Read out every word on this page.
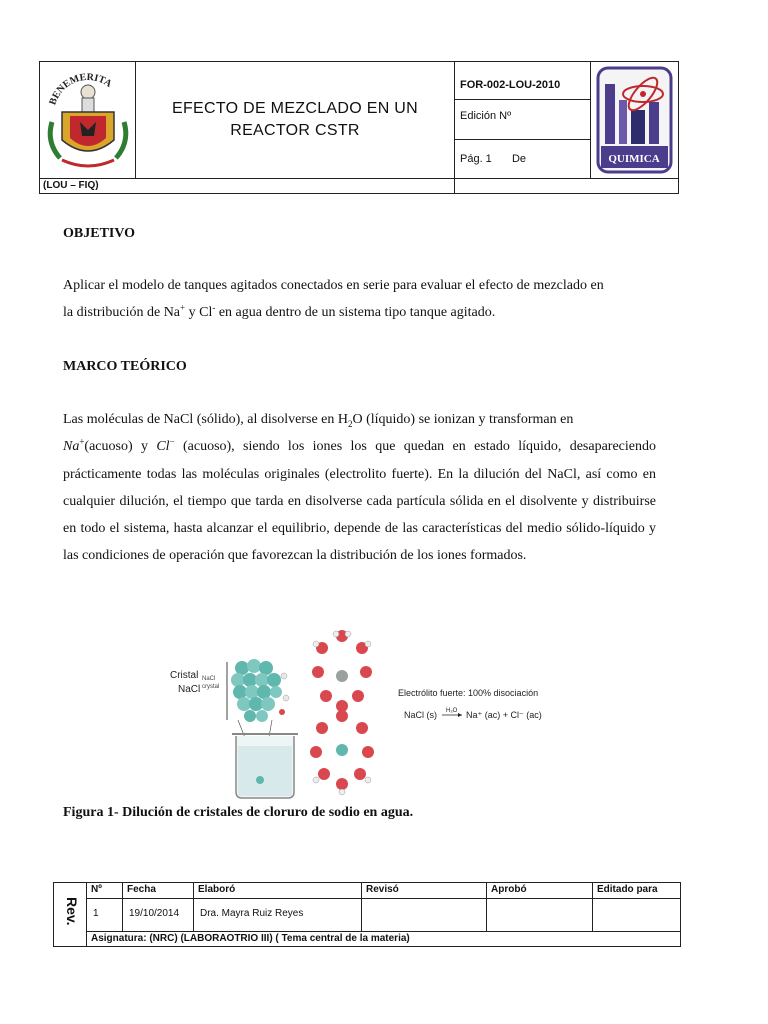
BENEMERITA
EFECTO DE MEZCLADO EN UN
REACTOR CSTR
FOR-002-LOU-2010
Edición Nº
Pág. 1 De	QUIMICA
(LOU – FIQ)
OBJETIVO

Aplicar el modelo de tanques agitados conectados en serie para evaluar el efecto de mezclado en
la distribución de Na+ y Cl- en agua dentro de un sistema tipo tanque agitado.

MARCO TEÓRICO

Las moléculas de NaCl (sólido), al disolverse en $H_2O$ (líquido) se ionizan y transforman en
Na+(acuoso) y Cl− (acuoso), siendo los iones los que quedan en estado líquido, desapareciendo prácticamente todas las moléculas originales (electrolito fuerte). En la dilución del NaCl, así como en cualquier dilución, el tiempo que tarda en disolverse cada partícula sólida en el disolvente y distribuirse en todo el sistema, hasta alcanzar el equilibrio, depende de las características del medio sólido-líquido y las condiciones de operación que favorezcan la distribución de los iones formados.

Cristal
NaCl
NaCl
crystal
Electrólito fuerte: 100% disociación
NaCl (s) H₂O Na⁺ (ac) + Cl⁻ (ac)

Figura 1- Dilución de cristales de cloruro de sodio en agua.

Rev.
Nº	Fecha	Elaboró	Revisó	Aprobó	Editado para
1	19/10/2014	Dra. Mayra Ruiz Reyes
Asignatura: (NRC) (LABORAOTRIO III) ( Tema central de la materia)
